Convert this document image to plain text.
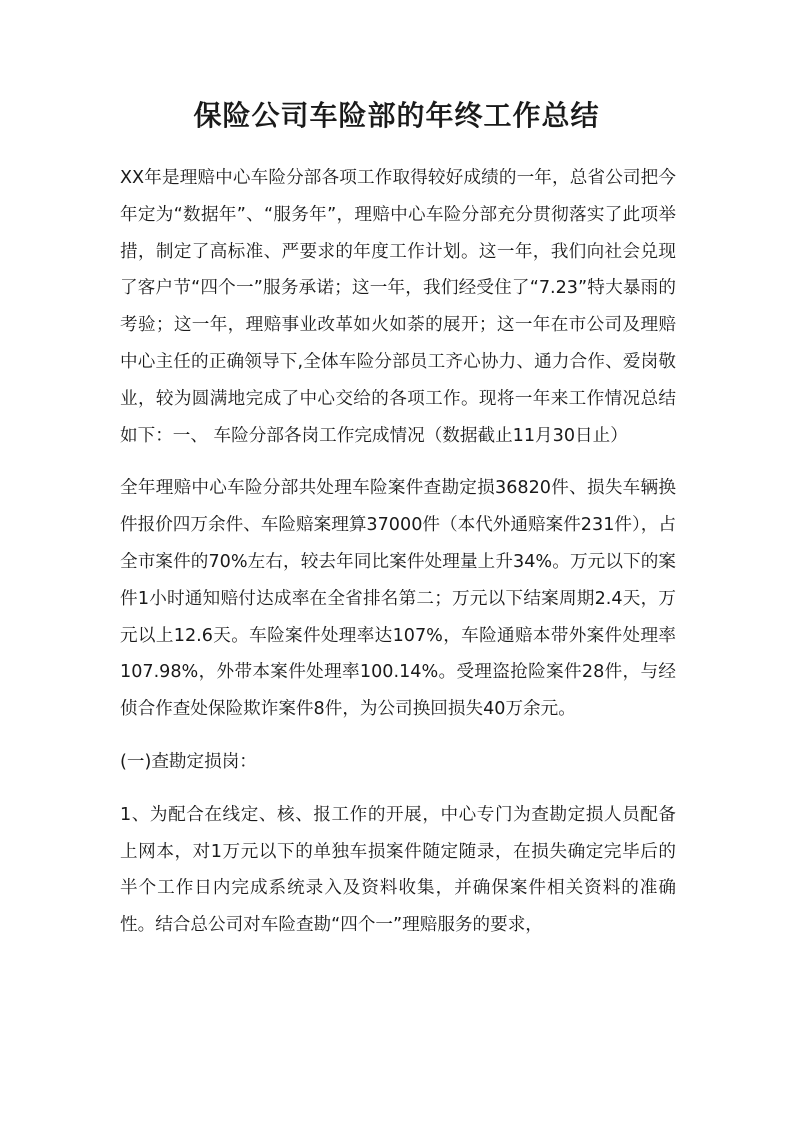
保险公司车险部的年终工作总结

XX年是理赔中心车险分部各项工作取得较好成绩的一年，总省公司把今年定为“数据年”、“服务年”，理赔中心车险分部充分贯彻落实了此项举措，制定了高标准、严要求的年度工作计划。这一年，我们向社会兑现了客户节“四个一”服务承诺；这一年，我们经受住了“7.23”特大暴雨的考验；这一年，理赔事业改革如火如荼的展开；这一年在市公司及理赔中心主任的正确领导下,全体车险分部员工齐心协力、通力合作、爱岗敬业，较为圆满地完成了中心交给的各项工作。现将一年来工作情况总结如下：一、 车险分部各岗工作完成情况（数据截止11月30日止）

全年理赔中心车险分部共处理车险案件查勘定损36820件、损失车辆换件报价四万余件、车险赔案理算37000件（本代外通赔案件231件），占全市案件的70%左右，较去年同比案件处理量上升34%。万元以下的案件1小时通知赔付达成率在全省排名第二；万元以下结案周期2.4天，万元以上12.6天。车险案件处理率达107%，车险通赔本带外案件处理率107.98%，外带本案件处理率100.14%。受理盗抢险案件28件，与经侦合作查处保险欺诈案件8件，为公司换回损失40万余元。

(一)查勘定损岗：

1、为配合在线定、核、报工作的开展，中心专门为查勘定损人员配备上网本，对1万元以下的单独车损案件随定随录，在损失确定完毕后的半个工作日内完成系统录入及资料收集，并确保案件相关资料的准确性。结合总公司对车险查勘“四个一”理赔服务的要求，
